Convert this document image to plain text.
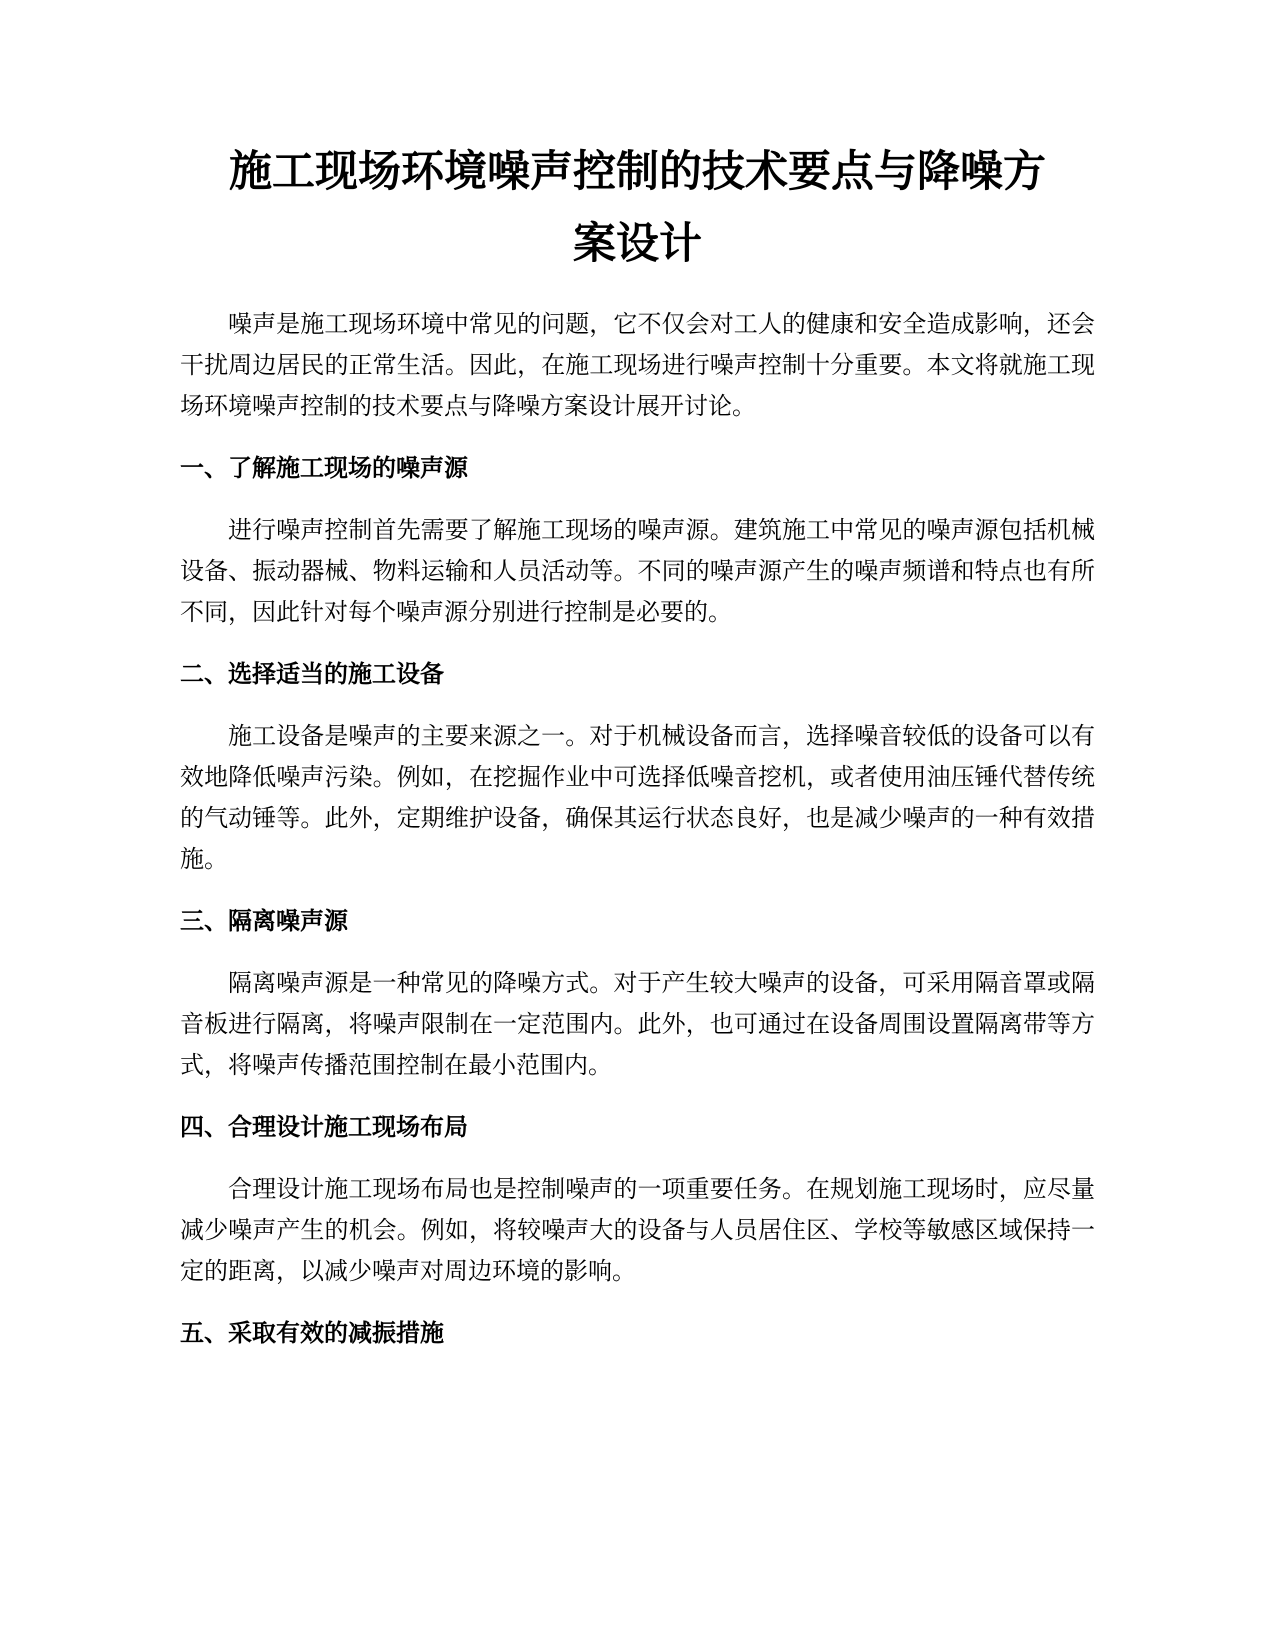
施工现场环境噪声控制的技术要点与降噪方
案设计

噪声是施工现场环境中常见的问题，它不仅会对工人的健康和安全造成影响，还会干扰周边居民的正常生活。因此，在施工现场进行噪声控制十分重要。本文将就施工现场环境噪声控制的技术要点与降噪方案设计展开讨论。

一、了解施工现场的噪声源

进行噪声控制首先需要了解施工现场的噪声源。建筑施工中常见的噪声源包括机械设备、振动器械、物料运输和人员活动等。不同的噪声源产生的噪声频谱和特点也有所不同，因此针对每个噪声源分别进行控制是必要的。

二、选择适当的施工设备

施工设备是噪声的主要来源之一。对于机械设备而言，选择噪音较低的设备可以有效地降低噪声污染。例如，在挖掘作业中可选择低噪音挖机，或者使用油压锤代替传统的气动锤等。此外，定期维护设备，确保其运行状态良好，也是减少噪声的一种有效措施。

三、隔离噪声源

隔离噪声源是一种常见的降噪方式。对于产生较大噪声的设备，可采用隔音罩或隔音板进行隔离，将噪声限制在一定范围内。此外，也可通过在设备周围设置隔离带等方式，将噪声传播范围控制在最小范围内。

四、合理设计施工现场布局

合理设计施工现场布局也是控制噪声的一项重要任务。在规划施工现场时，应尽量减少噪声产生的机会。例如，将较噪声大的设备与人员居住区、学校等敏感区域保持一定的距离，以减少噪声对周边环境的影响。

五、采取有效的减振措施
